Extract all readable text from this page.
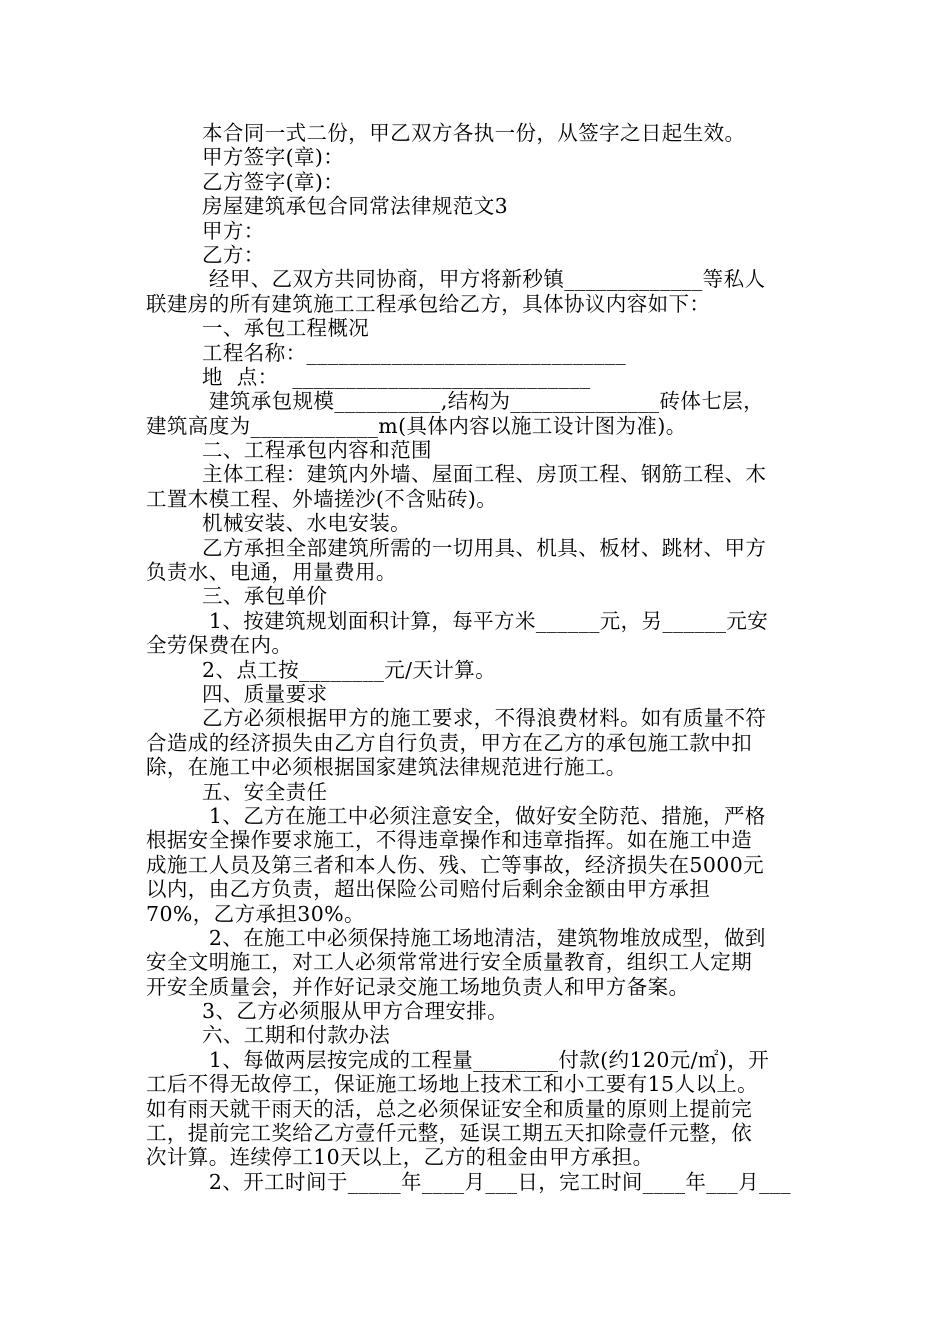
本合同一式二份，甲乙双方各执一份，从签字之日起生效。
甲方签字(章)：
乙方签字(章)：
房屋建筑承包合同常法律规范文3
甲方：
乙方：
经甲、乙双方共同协商，甲方将新秒镇_____________等私人
联建房的所有建筑施工工程承包给乙方，具体协议内容如下：
一、承包工程概况
工程名称：______________________________
地  点：  ____________________________
建筑承包规模__________,结构为______________砖体七层，
建筑高度为____________m(具体内容以施工设计图为准)。
二、工程承包内容和范围
主体工程：建筑内外墙、屋面工程、房顶工程、钢筋工程、木
工置木模工程、外墙搓沙(不含贴砖)。
机械安装、水电安装。
乙方承担全部建筑所需的一切用具、机具、板材、跳材、甲方
负责水、电通，用量费用。
三、承包单价
1、按建筑规划面积计算，每平方米______元，另______元安
全劳保费在内。
2、点工按________元/天计算。
四、质量要求
乙方必须根据甲方的施工要求，不得浪费材料。如有质量不符
合造成的经济损失由乙方自行负责，甲方在乙方的承包施工款中扣
除，在施工中必须根据国家建筑法律规范进行施工。
五、安全责任
1、乙方在施工中必须注意安全，做好安全防范、措施，严格
根据安全操作要求施工，不得违章操作和违章指挥。如在施工中造
成施工人员及第三者和本人伤、残、亡等事故，经济损失在5000元
以内，由乙方负责，超出保险公司赔付后剩余金额由甲方承担
70%，乙方承担30%。
2、在施工中必须保持施工场地清洁，建筑物堆放成型，做到
安全文明施工，对工人必须常常进行安全质量教育，组织工人定期
开安全质量会，并作好记录交施工场地负责人和甲方备案。
3、乙方必须服从甲方合理安排。
六、工期和付款办法
1、每做两层按完成的工程量________付款(约120元/㎡)，开
工后不得无故停工，保证施工场地上技术工和小工要有15人以上。
如有雨天就干雨天的活，总之必须保证安全和质量的原则上提前完
工，提前完工奖给乙方壹仟元整，延误工期五天扣除壹仟元整，依
次计算。连续停工10天以上，乙方的租金由甲方承担。
2、开工时间于_____年____月___日，完工时间____年___月___
